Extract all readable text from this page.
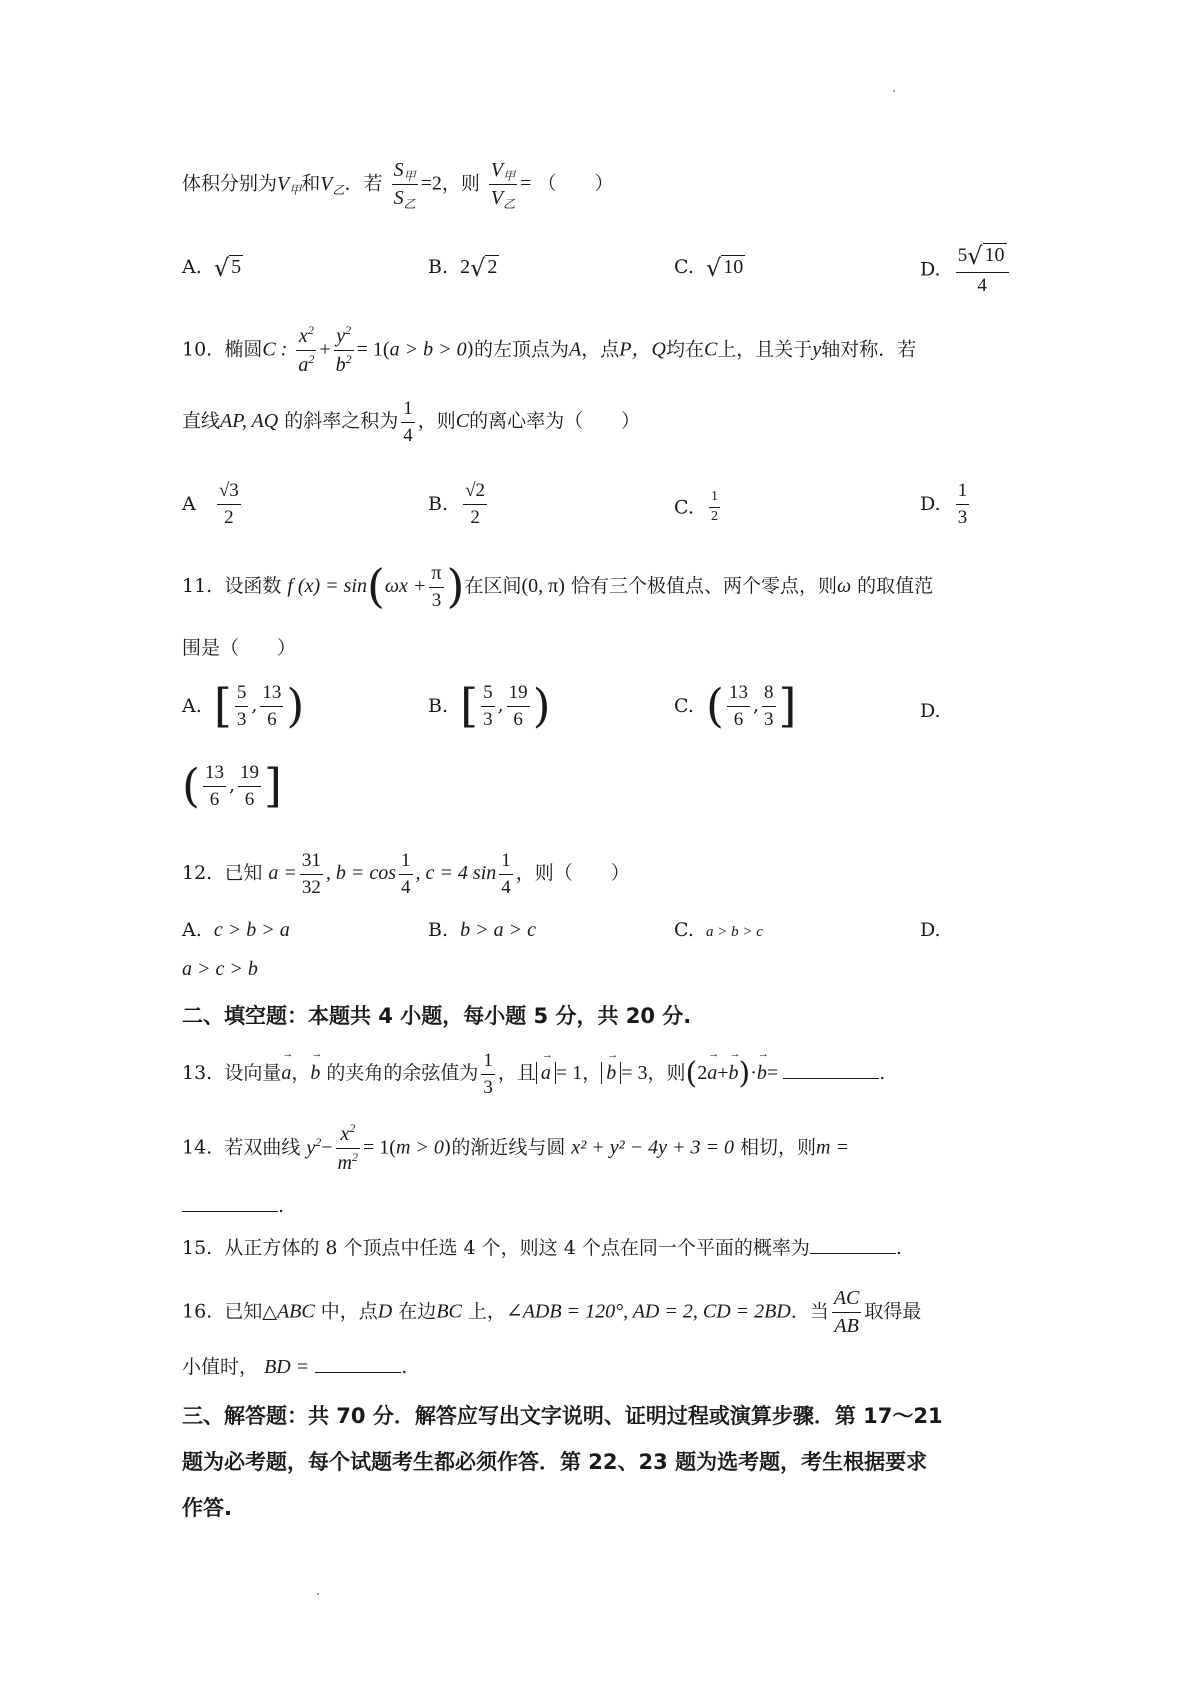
体积分别为$V_甲$和$V_乙$．若 $\frac{S_甲}{S_乙} =2$，则 $\frac{V_甲}{V_乙}$ = （　　）
A. √ 5	B. 2√ 2	C. √ 10	D. $\frac{5√ 10}{4}$
10. 椭圆C : $\frac{x^2}{a^2} + \frac{y^2}{b^2} = 1(a > b > 0)$的左顶点为A，点P，Q均在C上，且关于y轴对称．若
直线AP, AQ 的斜率之积为 $\frac{1}{4}$ ，则C的离心率为（　　）
A $\frac{√3}{2}$	B. $\frac{√2}{2}$	C. $\frac{1}{2}$	D. $\frac{1}{3}$
11. 设函数 f $(x) = \sin(\omega x + \frac{\pi}{3}$ )在区间(0, π) 恰有三个极值点、两个零点，则ω 的取值范
围是（　　）
A. [ $\frac{5}{3}$ , $\frac{13}{6}$ )	B. [ $\frac{5}{3}$ , $\frac{19}{6}$ )	C. ( $\frac{13}{6}$ , $\frac{8}{3}$ ]	D.
( $\frac{13}{6}$ , $\frac{19}{6}$ ]
12. 已知 $a = \frac{31}{32}$ , $b = \cos \frac{1}{4}$ , c = 4 $\sin \frac{1}{4}$ ，则（　　）
A. c > b > a	B. b > a > c	C. a > b > c	D.
a > c > b
二、填空题：本题共 4 小题，每小题 5 分，共 20 分.
13. 设向量→ a，→ b 的夹角的余弦值为 $\frac{1}{3}$ ，且 → a = 1， → b = 3，则(2→ a+→ b)·→ b=	.
14. 若双曲线 $y^2- \frac{x^2}{m^2} = 1(m > 0)$的渐近线与圆 x² + y² − 4y + 3 = 0 相切，则m =
.
15. 从正方体的 8 个顶点中任选 4 个，则这 4 个点在同一个平面的概率为	.
16. 已知△ABC 中，点D 在边BC 上，∠ADB = 120°, AD = 2, CD = 2BD．当 $\frac{AC}{AB}$ 取得最
小值时， BD =	.
三、解答题：共 70 分．解答应写出文字说明、证明过程或演算步骤．第 17～21
题为必考题，每个试题考生都必须作答．第 22、23 题为选考题，考生根据要求
作答.
